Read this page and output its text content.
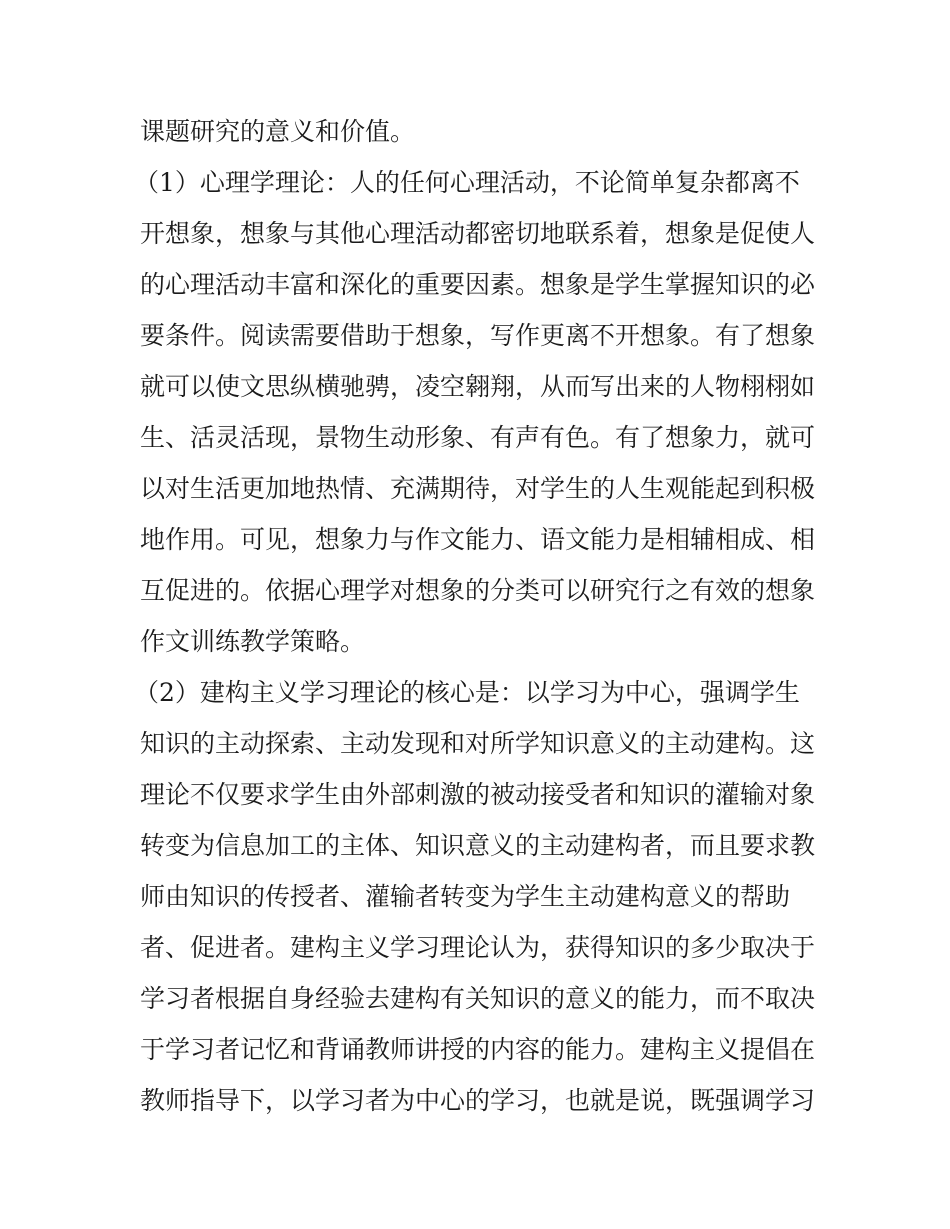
课题研究的意义和价值。
（1）心理学理论：人的任何心理活动，不论简单复杂都离不
开想象，想象与其他心理活动都密切地联系着，想象是促使人
的心理活动丰富和深化的重要因素。想象是学生掌握知识的必
要条件。阅读需要借助于想象，写作更离不开想象。有了想象
就可以使文思纵横驰骋，凌空翱翔，从而写出来的人物栩栩如
生、活灵活现，景物生动形象、有声有色。有了想象力，就可
以对生活更加地热情、充满期待，对学生的人生观能起到积极
地作用。可见，想象力与作文能力、语文能力是相辅相成、相
互促进的。依据心理学对想象的分类可以研究行之有效的想象
作文训练教学策略。
（2）建构主义学习理论的核心是：以学习为中心，强调学生
知识的主动探索、主动发现和对所学知识意义的主动建构。这
理论不仅要求学生由外部刺激的被动接受者和知识的灌输对象
转变为信息加工的主体、知识意义的主动建构者，而且要求教
师由知识的传授者、灌输者转变为学生主动建构意义的帮助
者、促进者。建构主义学习理论认为，获得知识的多少取决于
学习者根据自身经验去建构有关知识的意义的能力，而不取决
于学习者记忆和背诵教师讲授的内容的能力。建构主义提倡在
教师指导下，以学习者为中心的学习，也就是说，既强调学习
